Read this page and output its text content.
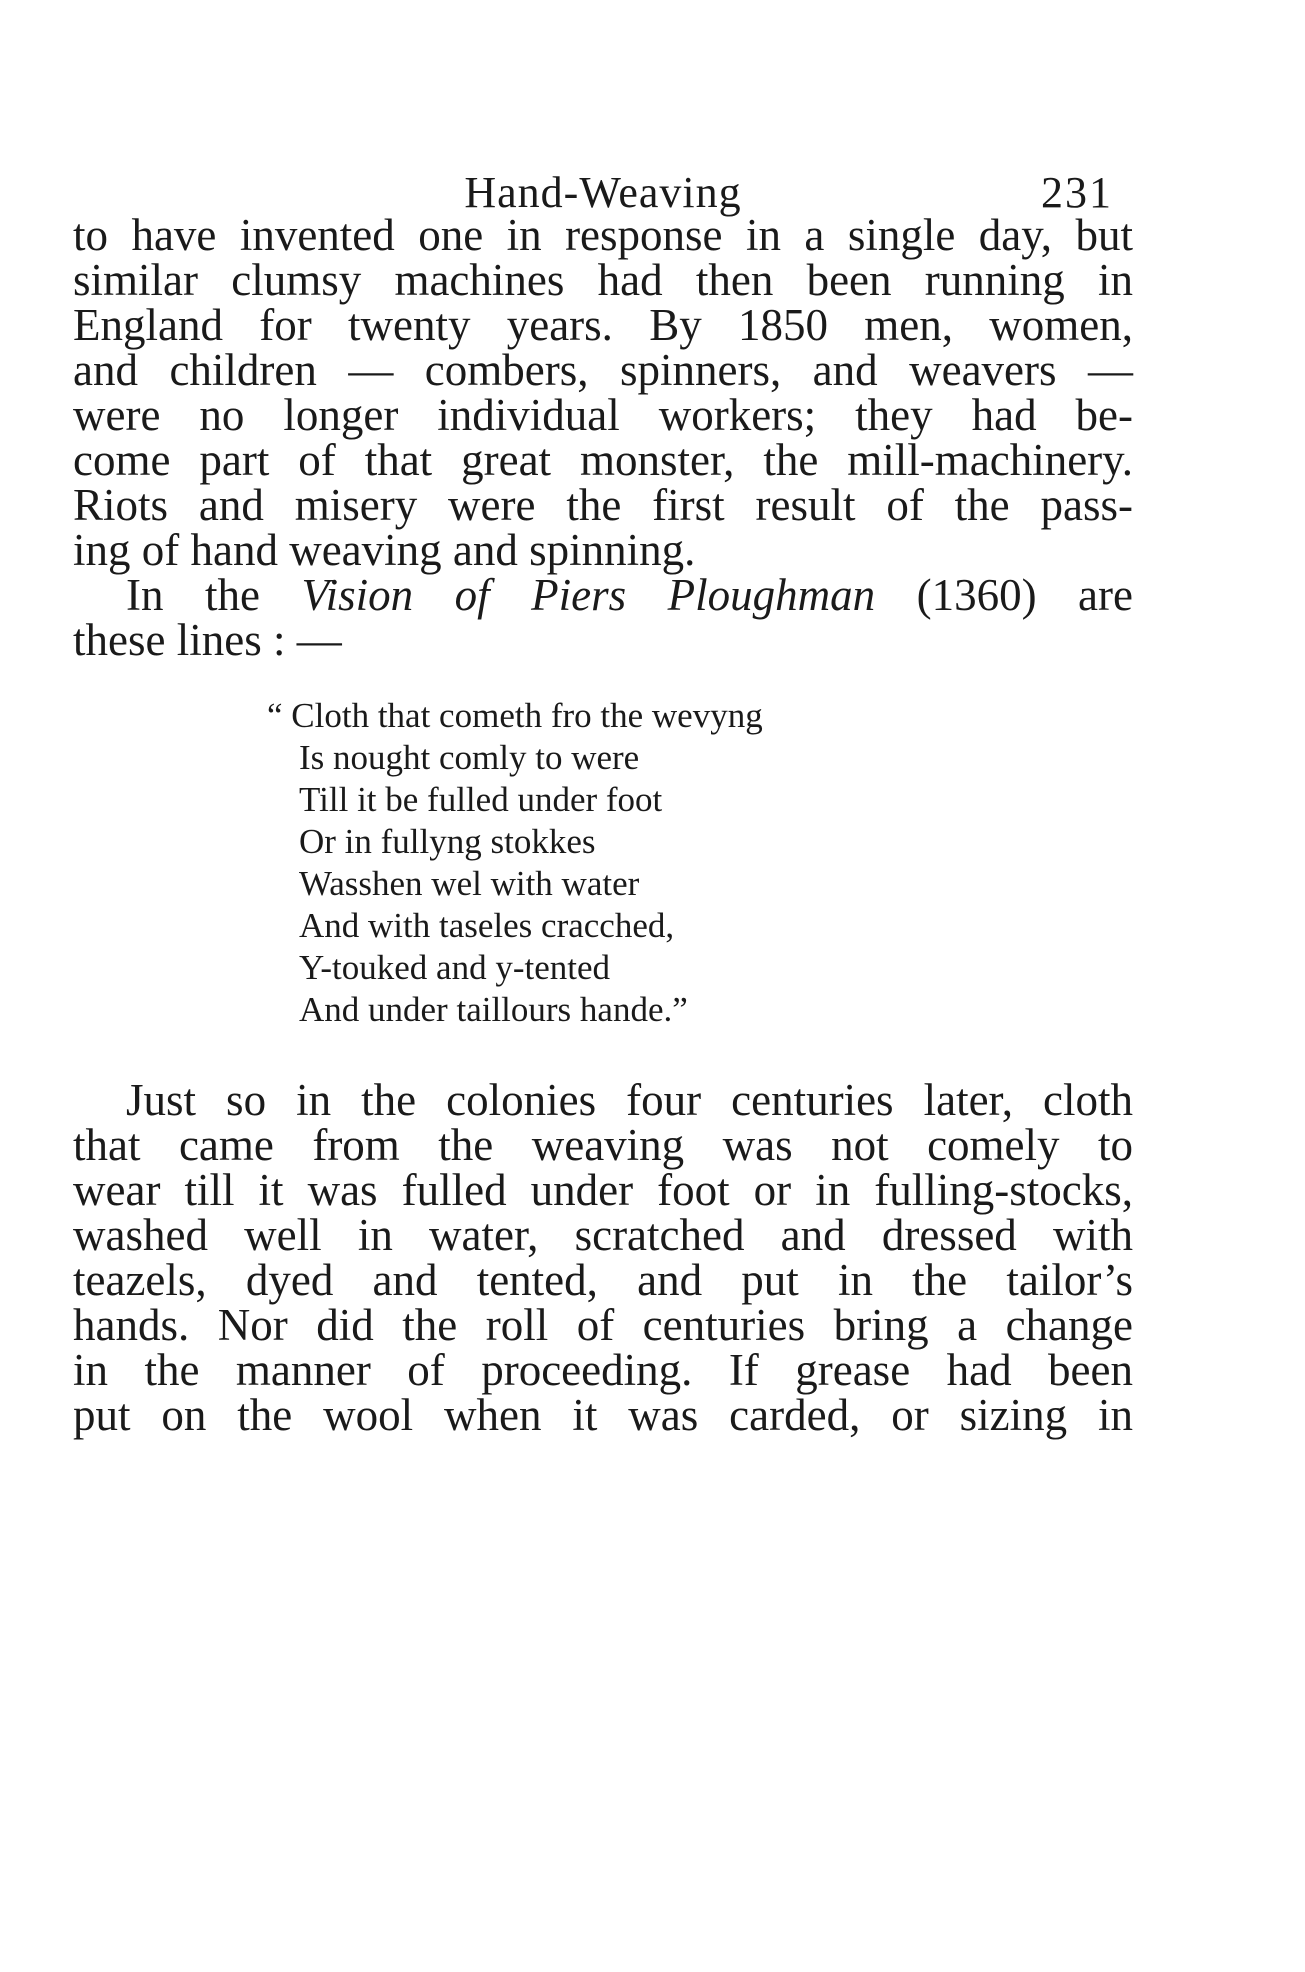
Hand-Weaving	231
to have invented one in response in a single day, but
similar clumsy machines had then been running in
England for twenty years. By 1850 men, women,
and children — combers, spinners, and weavers —
were no longer individual workers; they had be-
come part of that great monster, the mill-machinery.
Riots and misery were the first result of the pass-
ing of hand weaving and spinning.
In the Vision of Piers Ploughman (1360) are
these lines : —
“ Cloth that cometh fro the wevyng
Is nought comly to were
Till it be fulled under foot
Or in fullyng stokkes
Wasshen wel with water
And with taseles cracched,
Y-touked and y-tented
And under taillours hande.”
Just so in the colonies four centuries later, cloth
that came from the weaving was not comely to
wear till it was fulled under foot or in fulling-stocks,
washed well in water, scratched and dressed with
teazels, dyed and tented, and put in the tailor’s
hands. Nor did the roll of centuries bring a change
in the manner of proceeding. If grease had been
put on the wool when it was carded, or sizing in
